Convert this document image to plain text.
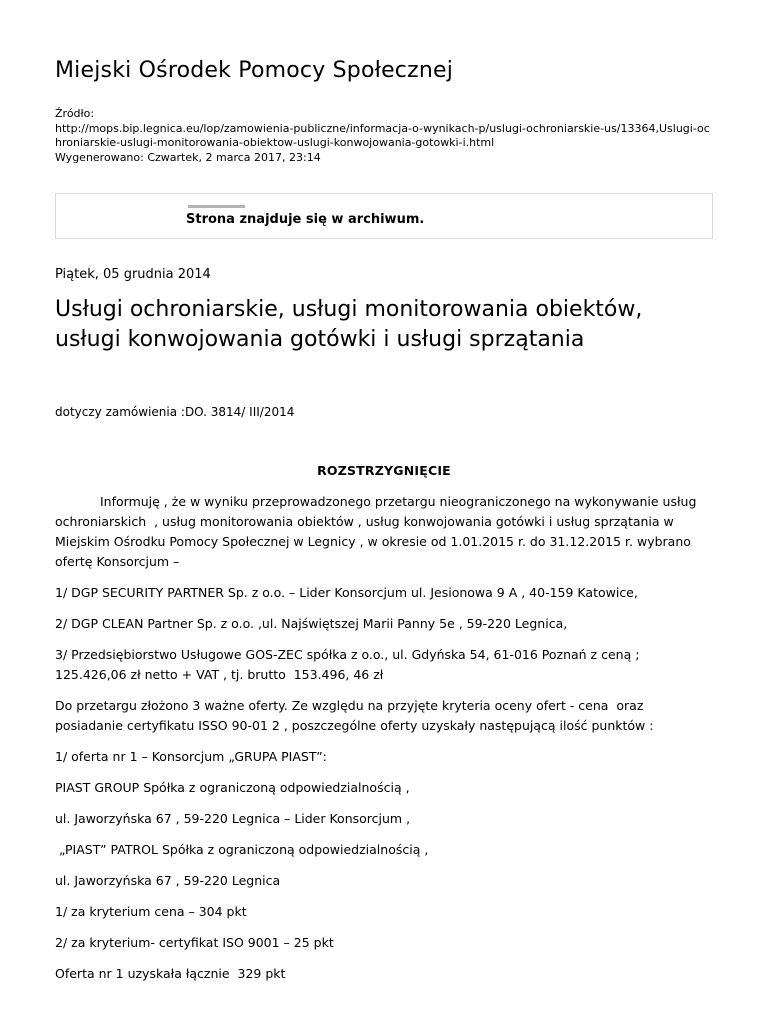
Miejski Ośrodek Pomocy Społecznej
Źródło:
http://mops.bip.legnica.eu/lop/zamowienia-publiczne/informacja-o-wynikach-p/uslugi-ochroniarskie-us/13364,Uslugi-ochroniarskie-uslugi-monitorowania-obiektow-uslugi-konwojowania-gotowki-i.html
Wygenerowano: Czwartek, 2 marca 2017, 23:14
Strona znajduje się w archiwum.
Piątek, 05 grudnia 2014
Usługi ochroniarskie, usługi monitorowania obiektów, usługi konwojowania gotówki i usługi sprzątania
dotyczy zamówienia :DO. 3814/ III/2014
ROZSTRZYGNIĘCIE

Informuję , że w wyniku przeprowadzonego przetargu nieograniczonego na wykonywanie usług ochroniarskich  , usług monitorowania obiektów , usług konwojowania gotówki i usług sprzątania w Miejskim Ośrodku Pomocy Społecznej w Legnicy , w okresie od 1.01.2015 r. do 31.12.2015 r. wybrano ofertę Konsorcjum –

1/ DGP SECURITY PARTNER Sp. z o.o. – Lider Konsorcjum ul. Jesionowa 9 A , 40-159 Katowice,

2/ DGP CLEAN Partner Sp. z o.o. ,ul. Najświętszej Marii Panny 5e , 59-220 Legnica,

3/ Przedsiębiorstwo Usługowe GOS-ZEC spółka z o.o., ul. Gdyńska 54, 61-016 Poznań z ceną ; 125.426,06 zł netto + VAT , tj. brutto  153.496, 46 zł

Do przetargu złożono 3 ważne oferty. Ze względu na przyjęte kryteria oceny ofert - cena  oraz posiadanie certyfikatu ISSO 90-01 2 , poszczególne oferty uzyskały następującą ilość punktów :

1/ oferta nr 1 – Konsorcjum „GRUPA PIAST”:

PIAST GROUP Spółka z ograniczoną odpowiedzialnością ,

ul. Jaworzyńska 67 , 59-220 Legnica – Lider Konsorcjum ,

„PIAST” PATROL Spółka z ograniczoną odpowiedzialnością ,

ul. Jaworzyńska 67 , 59-220 Legnica

1/ za kryterium cena – 304 pkt

2/ za kryterium- certyfikat ISO 9001 – 25 pkt

Oferta nr 1 uzyskała łącznie  329 pkt
